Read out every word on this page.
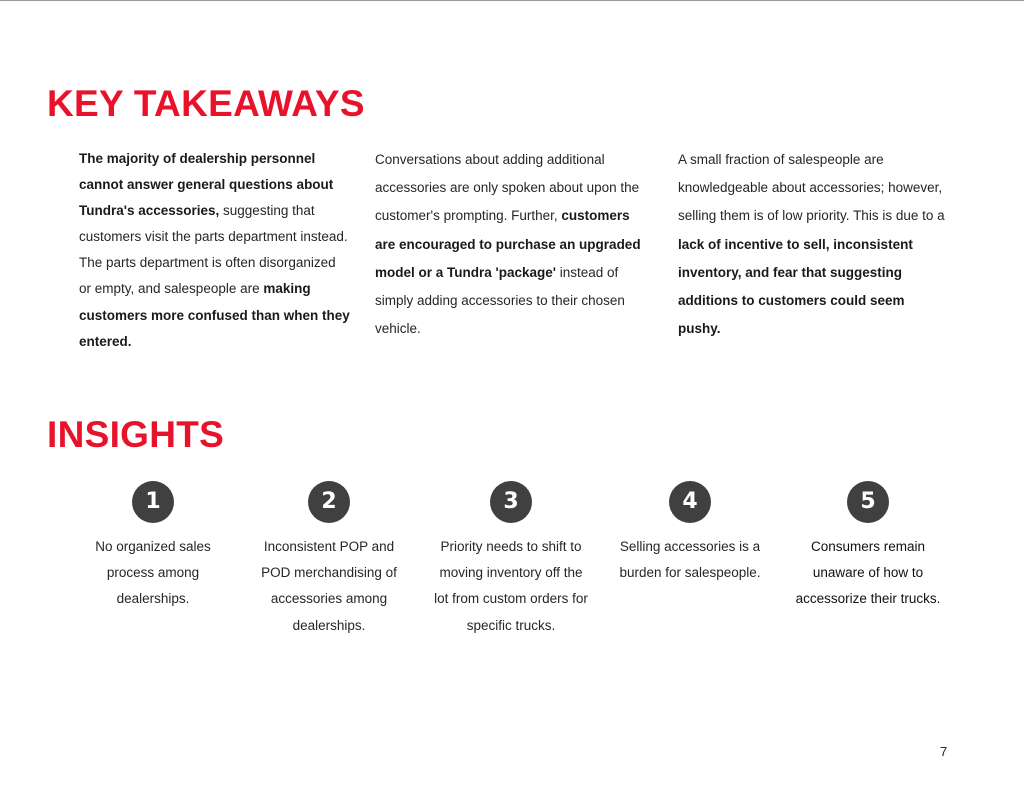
KEY TAKEAWAYS
The majority of dealership personnel cannot answer general questions about Tundra's accessories, suggesting that customers visit the parts department instead. The parts department is often disorganized or empty, and salespeople are making customers more confused than when they entered.
Conversations about adding additional accessories are only spoken about upon the customer's prompting. Further, customers are encouraged to purchase an upgraded model or a Tundra 'package' instead of simply adding accessories to their chosen vehicle.
A small fraction of salespeople are knowledgeable about accessories; however, selling them is of low priority. This is due to a lack of incentive to sell, inconsistent inventory, and fear that suggesting additions to customers could seem pushy.
INSIGHTS
1
No organized sales process among dealerships.
2
Inconsistent POP and POD merchandising of accessories among dealerships.
3
Priority needs to shift to moving inventory off the lot from custom orders for specific trucks.
4
Selling accessories is a burden for salespeople.
5
Consumers remain unaware of how to accessorize their trucks.
7
